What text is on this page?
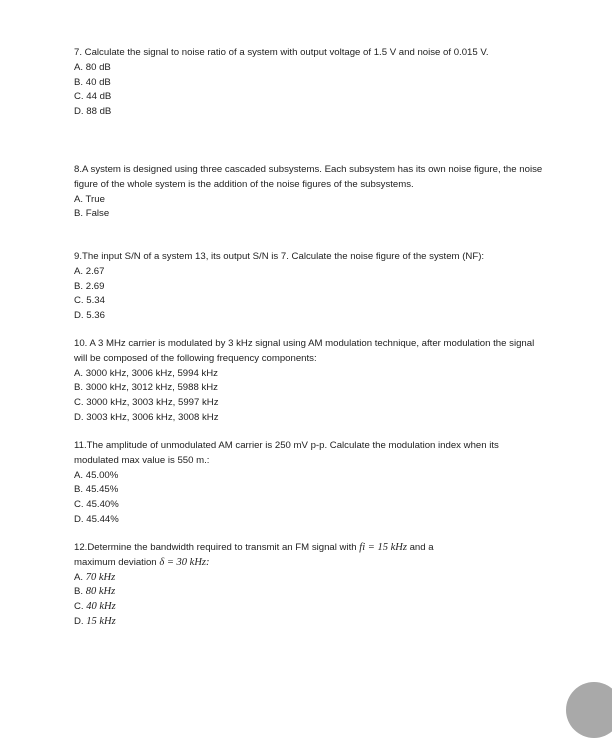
7. Calculate the signal to noise ratio of a system with output voltage of 1.5 V and noise of 0.015 V.

A. 80 dB
B. 40 dB
C. 44 dB
D. 88 dB

8.A system is designed using three cascaded subsystems. Each subsystem has its own noise figure, the noise figure of the whole system is the addition of the noise figures of the subsystems.

A. True
B. False

9.The input S/N of a system 13, its output S/N is 7. Calculate the noise figure of the system (NF):

A. 2.67
B. 2.69
C. 5.34
D. 5.36

10. A 3 MHz carrier is modulated by 3 kHz signal using AM modulation technique, after modulation the signal will be composed of the following frequency components:

A. 3000 kHz, 3006 kHz, 5994 kHz
B. 3000 kHz, 3012 kHz, 5988 kHz
C. 3000 kHz, 3003 kHz, 5997 kHz
D. 3003 kHz, 3006 kHz, 3008 kHz

11.The amplitude of unmodulated AM carrier is 250 mV p-p. Calculate the modulation index when its modulated max value is 550 m.:

A. 45.00%
B. 45.45%
C. 45.40%
D. 45.44%

12.Determine the bandwidth required to transmit an FM signal with fi = 15 kHz and a
maximum deviation δ = 30 kHz:

A. 70 kHz
B. 80 kHz
C. 40 kHz
D. 15 kHz
